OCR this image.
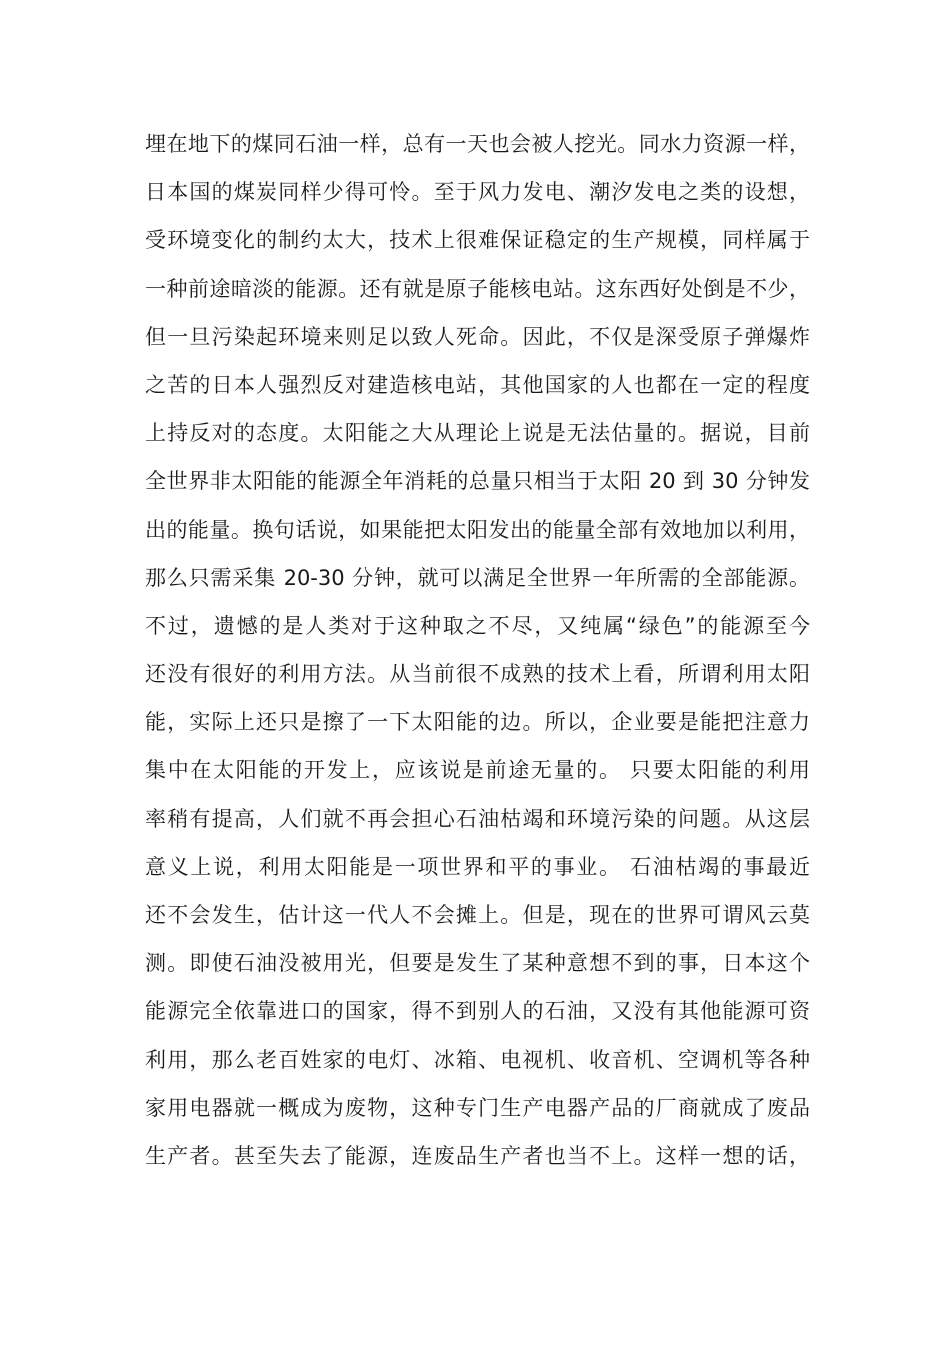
埋在地下的煤同石油一样，总有一天也会被人挖光。同水力资源一样，
日本国的煤炭同样少得可怜。至于风力发电、潮汐发电之类的设想，
受环境变化的制约太大，技术上很难保证稳定的生产规模，同样属于
一种前途暗淡的能源。还有就是原子能核电站。这东西好处倒是不少，
但一旦污染起环境来则足以致人死命。因此，不仅是深受原子弹爆炸
之苦的日本人强烈反对建造核电站，其他国家的人也都在一定的程度
上持反对的态度。太阳能之大从理论上说是无法估量的。据说，目前
全世界非太阳能的能源全年消耗的总量只相当于太阳 20 到 30 分钟发
出的能量。换句话说，如果能把太阳发出的能量全部有效地加以利用，
那么只需采集 20-30 分钟，就可以满足全世界一年所需的全部能源。
不过，遗憾的是人类对于这种取之不尽，又纯属“绿色”的能源至今
还没有很好的利用方法。从当前很不成熟的技术上看，所谓利用太阳
能，实际上还只是擦了一下太阳能的边。所以，企业要是能把注意力
集中在太阳能的开发上，应该说是前途无量的。 只要太阳能的利用
率稍有提高，人们就不再会担心石油枯竭和环境污染的问题。从这层
意义上说，利用太阳能是一项世界和平的事业。 石油枯竭的事最近
还不会发生，估计这一代人不会摊上。但是，现在的世界可谓风云莫
测。即使石油没被用光，但要是发生了某种意想不到的事，日本这个
能源完全依靠进口的国家，得不到别人的石油，又没有其他能源可资
利用，那么老百姓家的电灯、冰箱、电视机、收音机、空调机等各种
家用电器就一概成为废物，这种专门生产电器产品的厂商就成了废品
生产者。甚至失去了能源，连废品生产者也当不上。这样一想的话，
